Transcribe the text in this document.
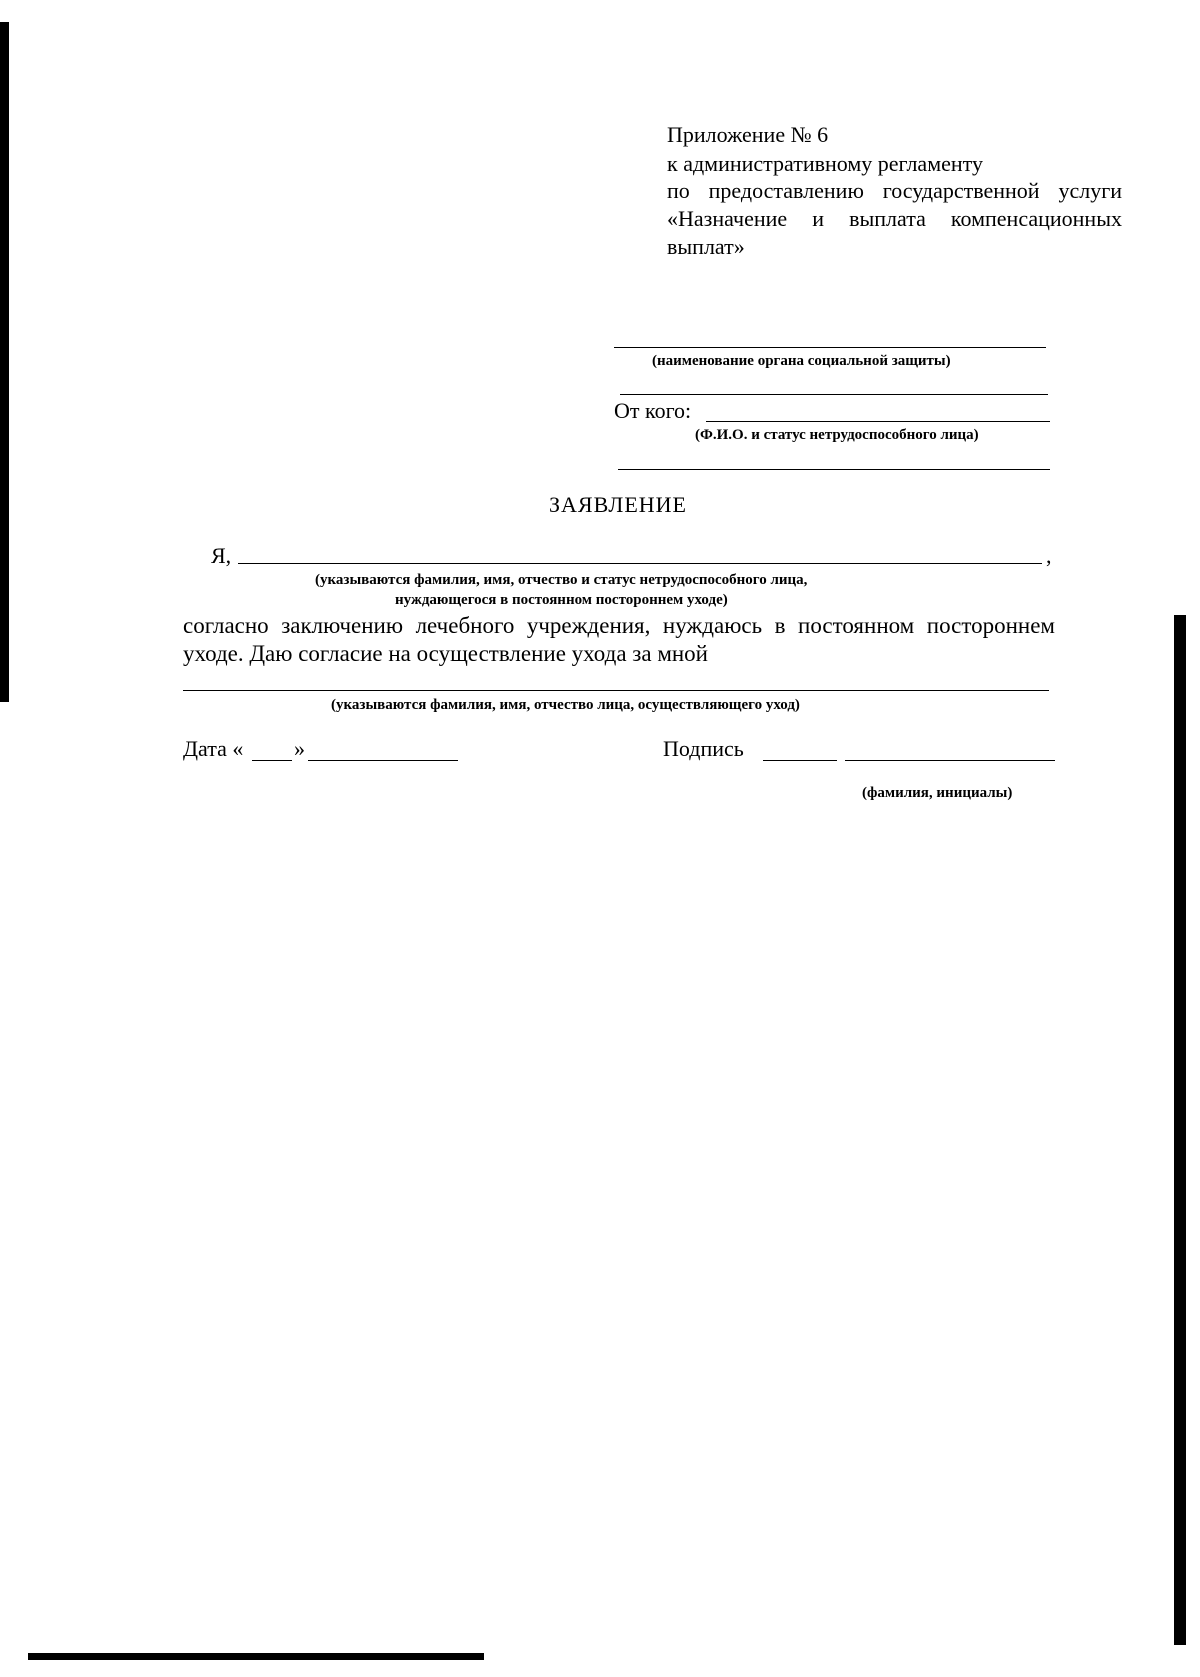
Приложение № 6
к административному регламенту
по предоставлению государственной услуги
«Назначение и выплата компенсационных
выплат»
(наименование органа социальной защиты)
От кого:
(Ф.И.О. и статус нетрудоспособного лица)
ЗАЯВЛЕНИЕ
Я,	,
(указываются фамилия, имя, отчество и статус нетрудоспособного лица,
нуждающегося в постоянном постороннем уходе)
согласно заключению лечебного учреждения, нуждаюсь в постоянном постороннем
уходе. Даю согласие на осуществление ухода за мной
(указываются фамилия, имя, отчество лица, осуществляющего уход)
Дата « »	Подпись
(фамилия, инициалы)
